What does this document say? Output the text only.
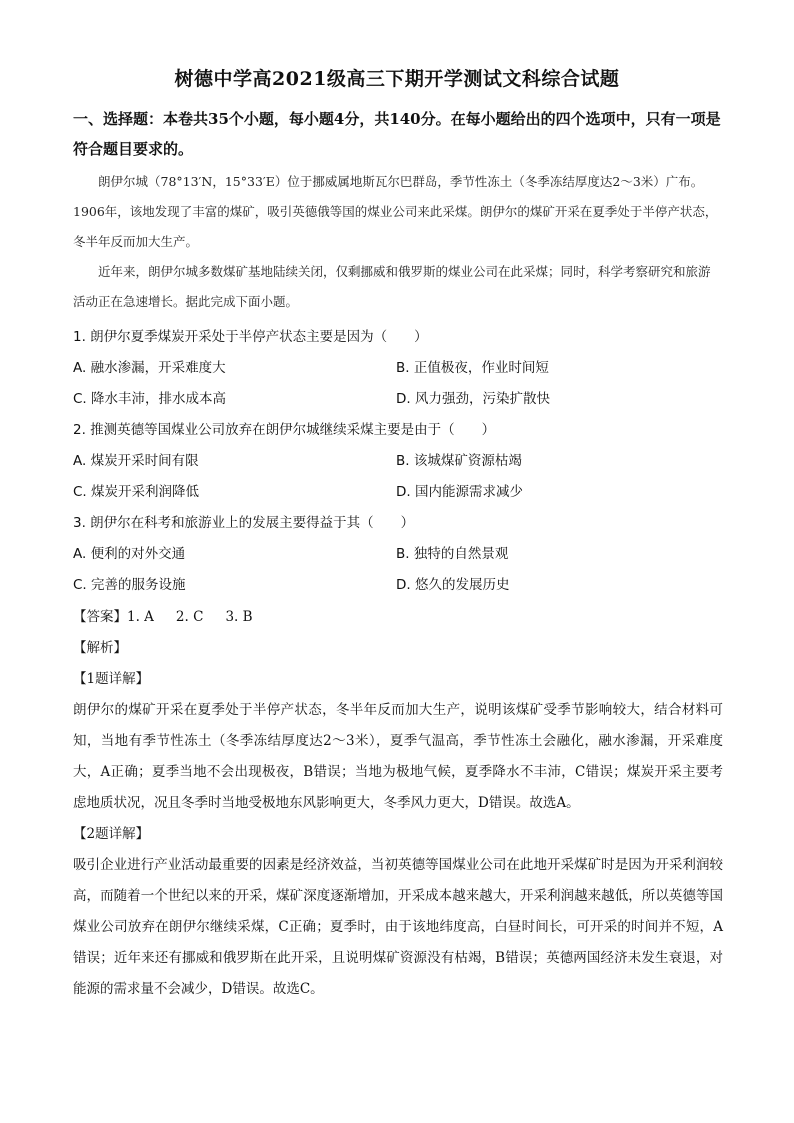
树德中学高2021级高三下期开学测试文科综合试题
一、选择题：本卷共35个小题，每小题4分，共140分。在每小题给出的四个选项中，只有一项是符合题目要求的。

朗伊尔城（78°13′N，15°33′E）位于挪威属地斯瓦尔巴群岛，季节性冻土（冬季冻结厚度达2～3米）广布。1906年，该地发现了丰富的煤矿，吸引英德俄等国的煤业公司来此采煤。朗伊尔的煤矿开采在夏季处于半停产状态，冬半年反而加大生产。

近年来，朗伊尔城多数煤矿基地陆续关闭，仅剩挪威和俄罗斯的煤业公司在此采煤；同时，科学考察研究和旅游活动正在急速增长。据此完成下面小题。

1. 朗伊尔夏季煤炭开采处于半停产状态主要是因为（　　）
A. 融水渗漏，开采难度大	B. 正值极夜，作业时间短
C. 降水丰沛，排水成本高	D. 风力强劲，污染扩散快
2. 推测英德等国煤业公司放弃在朗伊尔城继续采煤主要是由于（　　）
A. 煤炭开采时间有限	B. 该城煤矿资源枯竭
C. 煤炭开采利润降低	D. 国内能源需求减少
3. 朗伊尔在科考和旅游业上的发展主要得益于其（　　）
A. 便利的对外交通	B. 独特的自然景观
C. 完善的服务设施	D. 悠久的发展历史
【答案】1. A 2. C 3. B
【解析】
【1题详解】
朗伊尔的煤矿开采在夏季处于半停产状态，冬半年反而加大生产，说明该煤矿受季节影响较大，结合材料可知，当地有季节性冻土（冬季冻结厚度达2～3米），夏季气温高，季节性冻土会融化，融水渗漏，开采难度大，A正确；夏季当地不会出现极夜，B错误；当地为极地气候，夏季降水不丰沛，C错误；煤炭开采主要考虑地质状况，况且冬季时当地受极地东风影响更大，冬季风力更大，D错误。故选A。
【2题详解】
吸引企业进行产业活动最重要的因素是经济效益，当初英德等国煤业公司在此地开采煤矿时是因为开采利润较高，而随着一个世纪以来的开采，煤矿深度逐渐增加，开采成本越来越大，开采利润越来越低，所以英德等国煤业公司放弃在朗伊尔继续采煤，C正确；夏季时，由于该地纬度高，白昼时间长，可开采的时间并不短，A错误；近年来还有挪威和俄罗斯在此开采，且说明煤矿资源没有枯竭，B错误；英德两国经济未发生衰退，对能源的需求量不会减少，D错误。故选C。
